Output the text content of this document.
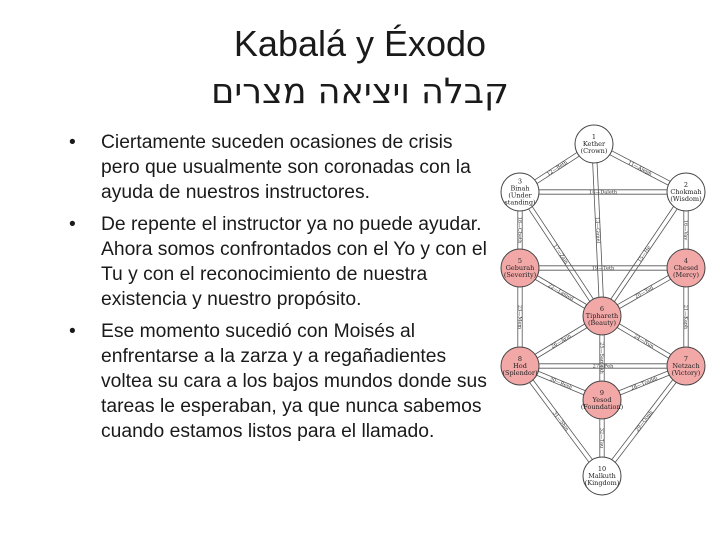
Kabalá y Éxodo
קבלה ויציאה מצרים
• Ciertamente suceden ocasiones de crisis pero que usualmente son coronadas con la ayuda de nuestros instructores.
• De repente el instructor ya no puede ayudar. Ahora somos confrontados con el Yo y con el Tu y con el reconocimiento de nuestra existencia y nuestro propósito.
• Ese momento sucedió con Moisés al enfrentarse a la zarza y a regañadientes voltea su cara a los bajos mundos donde sus tareas le esperaban, ya que nunca sabemos cuando estamos listos para el llamado.
11—Aleph
12—Beth
13—Gimel
14—Daleth
15—He
16—Vav
17—Zain
18—Cheth
19—Teth
20—Yod
21—Kaph
22—Lamed
23—Mem
24—Nun
25—Samekh
26—Ayin
27—Peh
28—Tzaddi
29—Qoph
30—Resh
31—Shin
32—Tau
1
Kether
(Crown)
2
Chokmah
(Wisdom)
3
Binah
(Under
standing)
4
Chesed
(Mercy)
5
Geburah
(Severity)
6
Tiphareth
(Beauty)
7
Netzach
(Victory)
8
Hod
(Splendor)
9
Yesod
(Foundation)
10
Malkuth
(Kingdom)
